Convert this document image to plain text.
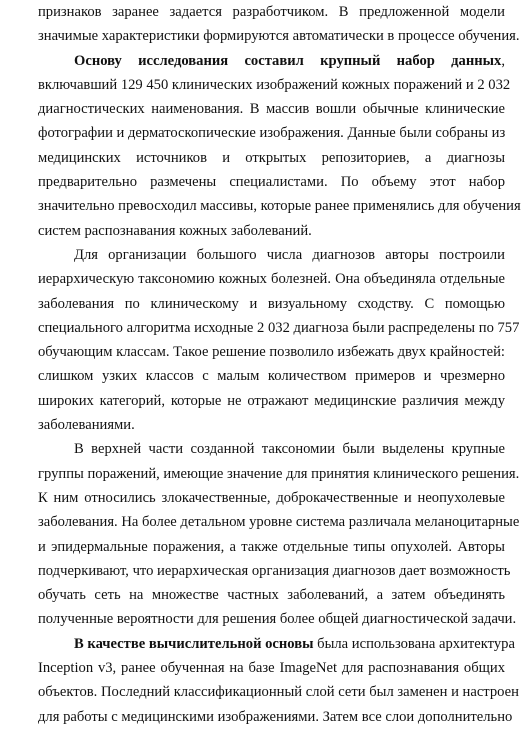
признаков заранее задается разработчиком. В предложенной модели
значимые характеристики формируются автоматически в процессе обучения.
Основу исследования составил крупный набор данных,
включавший 129 450 клинических изображений кожных поражений и 2 032
диагностических наименования. В массив вошли обычные клинические
фотографии и дерматоскопические изображения. Данные были собраны из
медицинских источников и открытых репозиториев, а диагнозы
предварительно размечены специалистами. По объему этот набор
значительно превосходил массивы, которые ранее применялись для обучения
систем распознавания кожных заболеваний.
Для организации большого числа диагнозов авторы построили
иерархическую таксономию кожных болезней. Она объединяла отдельные
заболевания по клиническому и визуальному сходству. С помощью
специального алгоритма исходные 2 032 диагноза были распределены по 757
обучающим классам. Такое решение позволило избежать двух крайностей:
слишком узких классов с малым количеством примеров и чрезмерно
широких категорий, которые не отражают медицинские различия между
заболеваниями.
В верхней части созданной таксономии были выделены крупные
группы поражений, имеющие значение для принятия клинического решения.
К ним относились злокачественные, доброкачественные и неопухолевые
заболевания. На более детальном уровне система различала меланоцитарные
и эпидермальные поражения, а также отдельные типы опухолей. Авторы
подчеркивают, что иерархическая организация диагнозов дает возможность
обучать сеть на множестве частных заболеваний, а затем объединять
полученные вероятности для решения более общей диагностической задачи.
В качестве вычислительной основы была использована архитектура
Inception v3, ранее обученная на базе ImageNet для распознавания общих
объектов. Последний классификационный слой сети был заменен и настроен
для работы с медицинскими изображениями. Затем все слои дополнительно
